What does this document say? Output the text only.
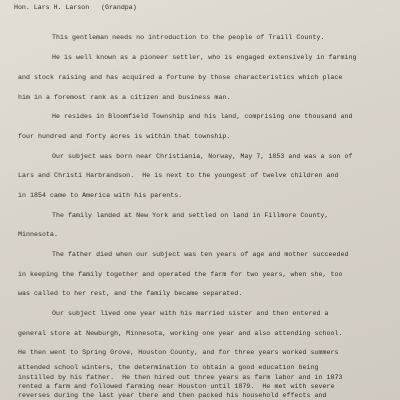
Hon. Lars H. Larson (Grandpa)
This gentleman needs no introduction to the people of Traill County.
He is well known as a pioneer settler, who is engaged extensively in farming
and stock raising and has acquired a fortune by those characteristics which place
him in a foremost rank as a citizen and business man.
He resides in Bloomfield Township and his land, comprising one thousand and
four hundred and forty acres is within that township.
Our subject was born near Christiania, Norway, May 7, 1853 and was a son of
Lars and Christi Harbrandson.  He is next to the youngest of twelve children and
in 1854 came to America with his parents.
The family landed at New York and settled on land in Fillmore County,
Minnesota.
The father died when our subject was ten years of age and mother succeeded
in keeping the family together and operated the farm for two years, when she, too
was called to her rest, and the family became separated.
Our subject lived one year with his married sister and then entered a
general store at Newburgh, Minnesota, working one year and also attending school.
He then went to Spring Grove, Houston County, and for three years worked summers
attended school winters, the determination to obtain a good education being
instilled by his father.  He then hired out three years as farm labor and in 1873
rented a farm and followed farming near Houston until 1879.  He met with severe
reverses during the last year there and then packed his household effects and
